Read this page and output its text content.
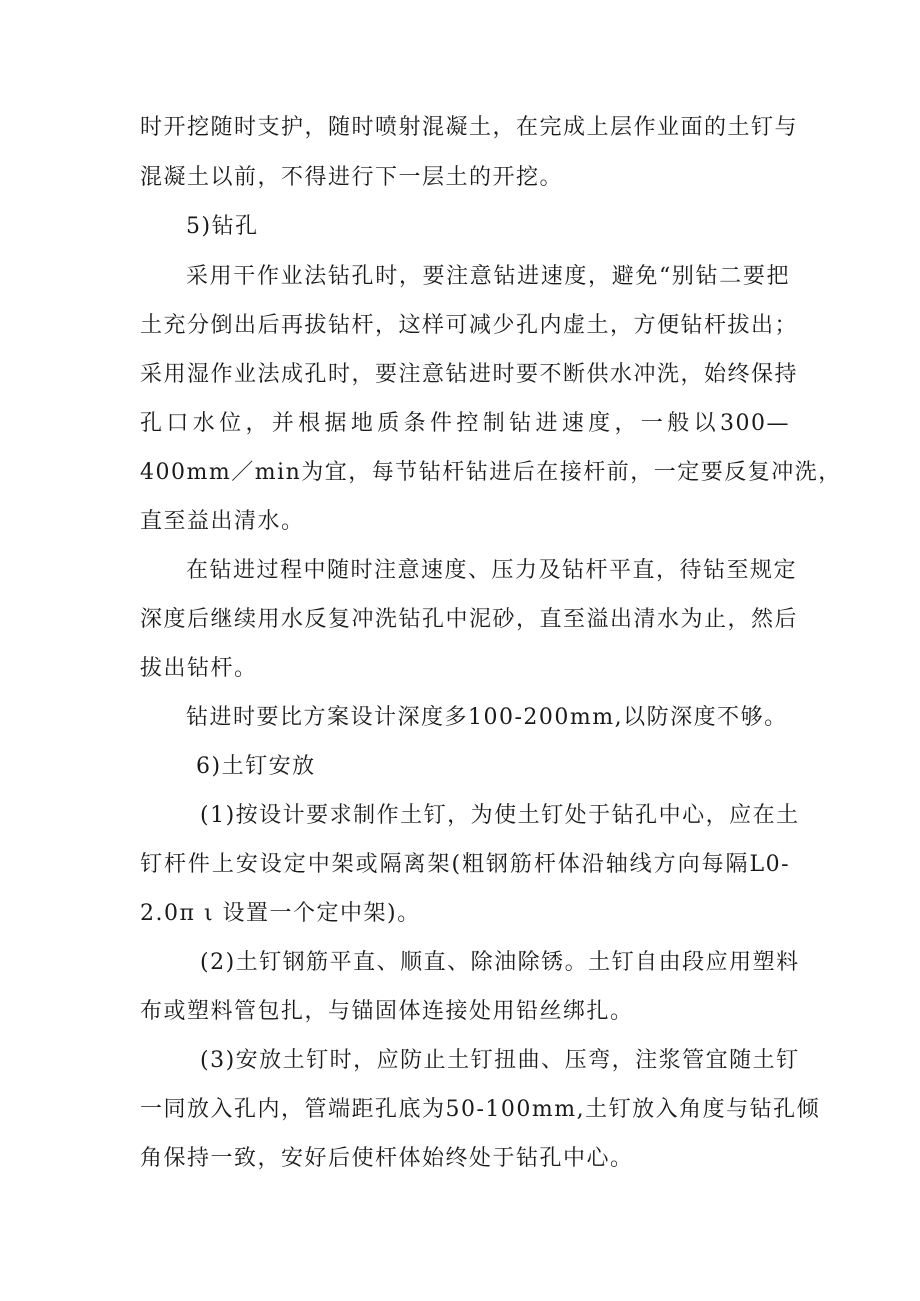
时开挖随时支护，随时喷射混凝土，在完成上层作业面的土钉与
混凝土以前，不得进行下一层土的开挖。
5)钻孔
采用干作业法钻孔时，要注意钻进速度，避免“别钻二要把
土充分倒出后再拔钻杆，这样可减少孔内虚土，方便钻杆拔出；
采用湿作业法成孔时，要注意钻进时要不断供水冲洗，始终保持
孔口水位，并根据地质条件控制钻进速度，一般以300—
400mm／min为宜，每节钻杆钻进后在接杆前，一定要反复冲洗，
直至益出清水。
在钻进过程中随时注意速度、压力及钻杆平直，待钻至规定
深度后继续用水反复冲洗钻孔中泥砂，直至溢出清水为止，然后
拔出钻杆。
钻进时要比方案设计深度多100-200mm,以防深度不够。
6)土钉安放
(1)按设计要求制作土钉，为使土钉处于钻孔中心，应在土
钉杆件上安设定中架或隔离架(粗钢筋杆体沿轴线方向每隔L0-
2.0π ι 设置一个定中架)。
(2)土钉钢筋平直、顺直、除油除锈。土钉自由段应用塑料
布或塑料管包扎，与锚固体连接处用铅丝绑扎。
(3)安放土钉时，应防止土钉扭曲、压弯，注浆管宜随土钉
一同放入孔内，管端距孔底为50-100mm,土钉放入角度与钻孔倾
角保持一致，安好后使杆体始终处于钻孔中心。
